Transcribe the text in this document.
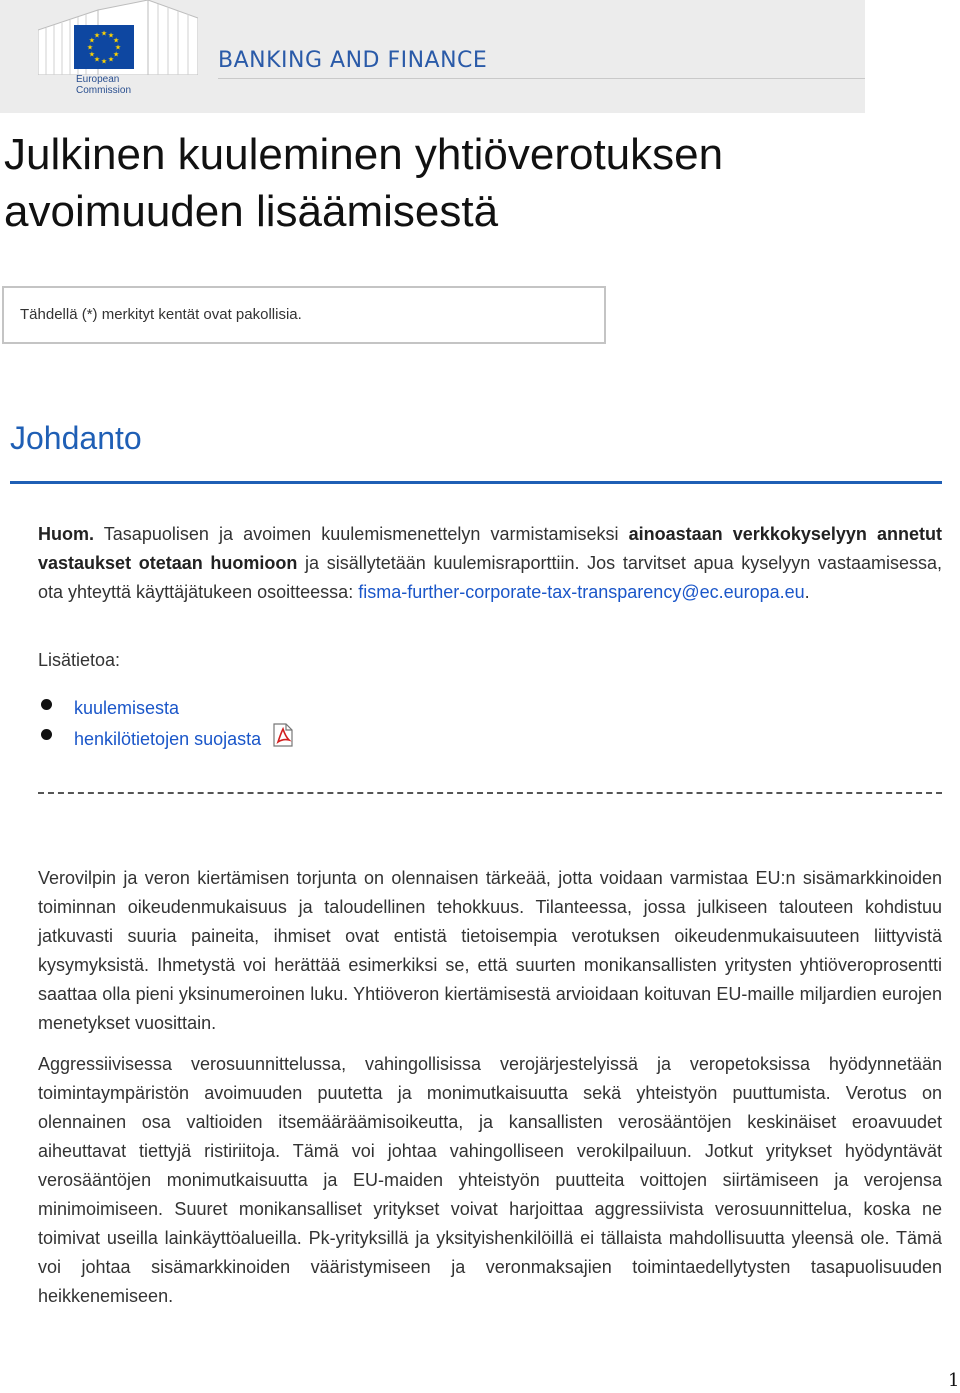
★ ★
★
★
★
★
★
★
★
★
★
★
European
Commission
BANKING AND FINANCE
Julkinen kuuleminen yhtiöverotuksen avoimuuden lisäämisestä
Tähdellä (*) merkityt kentät ovat pakollisia.
Johdanto

Huom. Tasapuolisen ja avoimen kuulemismenettelyn varmistamiseksi ainoastaan verkkokyselyyn annetut vastaukset otetaan huomioon ja sisällytetään kuulemisraporttiin. Jos tarvitset apua kyselyyn vastaamisessa, ota yhteyttä käyttäjätukeen osoitteessa: fisma-further-corporate-tax-transparency@ec.europa.eu.

Lisätietoa:
kuulemisesta
henkilötietojen suojasta

Verovilpin ja veron kiertämisen torjunta on olennaisen tärkeää, jotta voidaan varmistaa EU:n sisämarkkinoiden toiminnan oikeudenmukaisuus ja taloudellinen tehokkuus. Tilanteessa, jossa julkiseen talouteen kohdistuu jatkuvasti suuria paineita, ihmiset ovat entistä tietoisempia verotuksen oikeudenmukaisuuteen liittyvistä kysymyksistä. Ihmetystä voi herättää esimerkiksi se, että suurten monikansallisten yritysten yhtiöveroprosentti saattaa olla pieni yksinumeroinen luku. Yhtiöveron kiertämisestä arvioidaan koituvan EU-maille miljardien eurojen menetykset vuosittain.

Aggressiivisessa verosuunnittelussa, vahingollisissa verojärjestelyissä ja veropetoksissa hyödynnetään toimintaympäristön avoimuuden puutetta ja monimutkaisuutta sekä yhteistyön puuttumista. Verotus on olennainen osa valtioiden itsemääräämisoikeutta, ja kansallisten verosääntöjen keskinäiset eroavuudet aiheuttavat tiettyjä ristiriitoja. Tämä voi johtaa vahingolliseen verokilpailuun. Jotkut yritykset hyödyntävät verosääntöjen monimutkaisuutta ja EU-maiden yhteistyön puutteita voittojen siirtämiseen ja verojensa minimoimiseen. Suuret monikansalliset yritykset voivat harjoittaa aggressiivista verosuunnittelua, koska ne toimivat useilla lainkäyttöalueilla. Pk-yrityksillä ja yksityishenkilöillä ei tällaista mahdollisuutta yleensä ole. Tämä voi johtaa sisämarkkinoiden vääristymiseen ja veronmaksajien toimintaedellytysten tasapuolisuuden heikkenemiseen.

1
